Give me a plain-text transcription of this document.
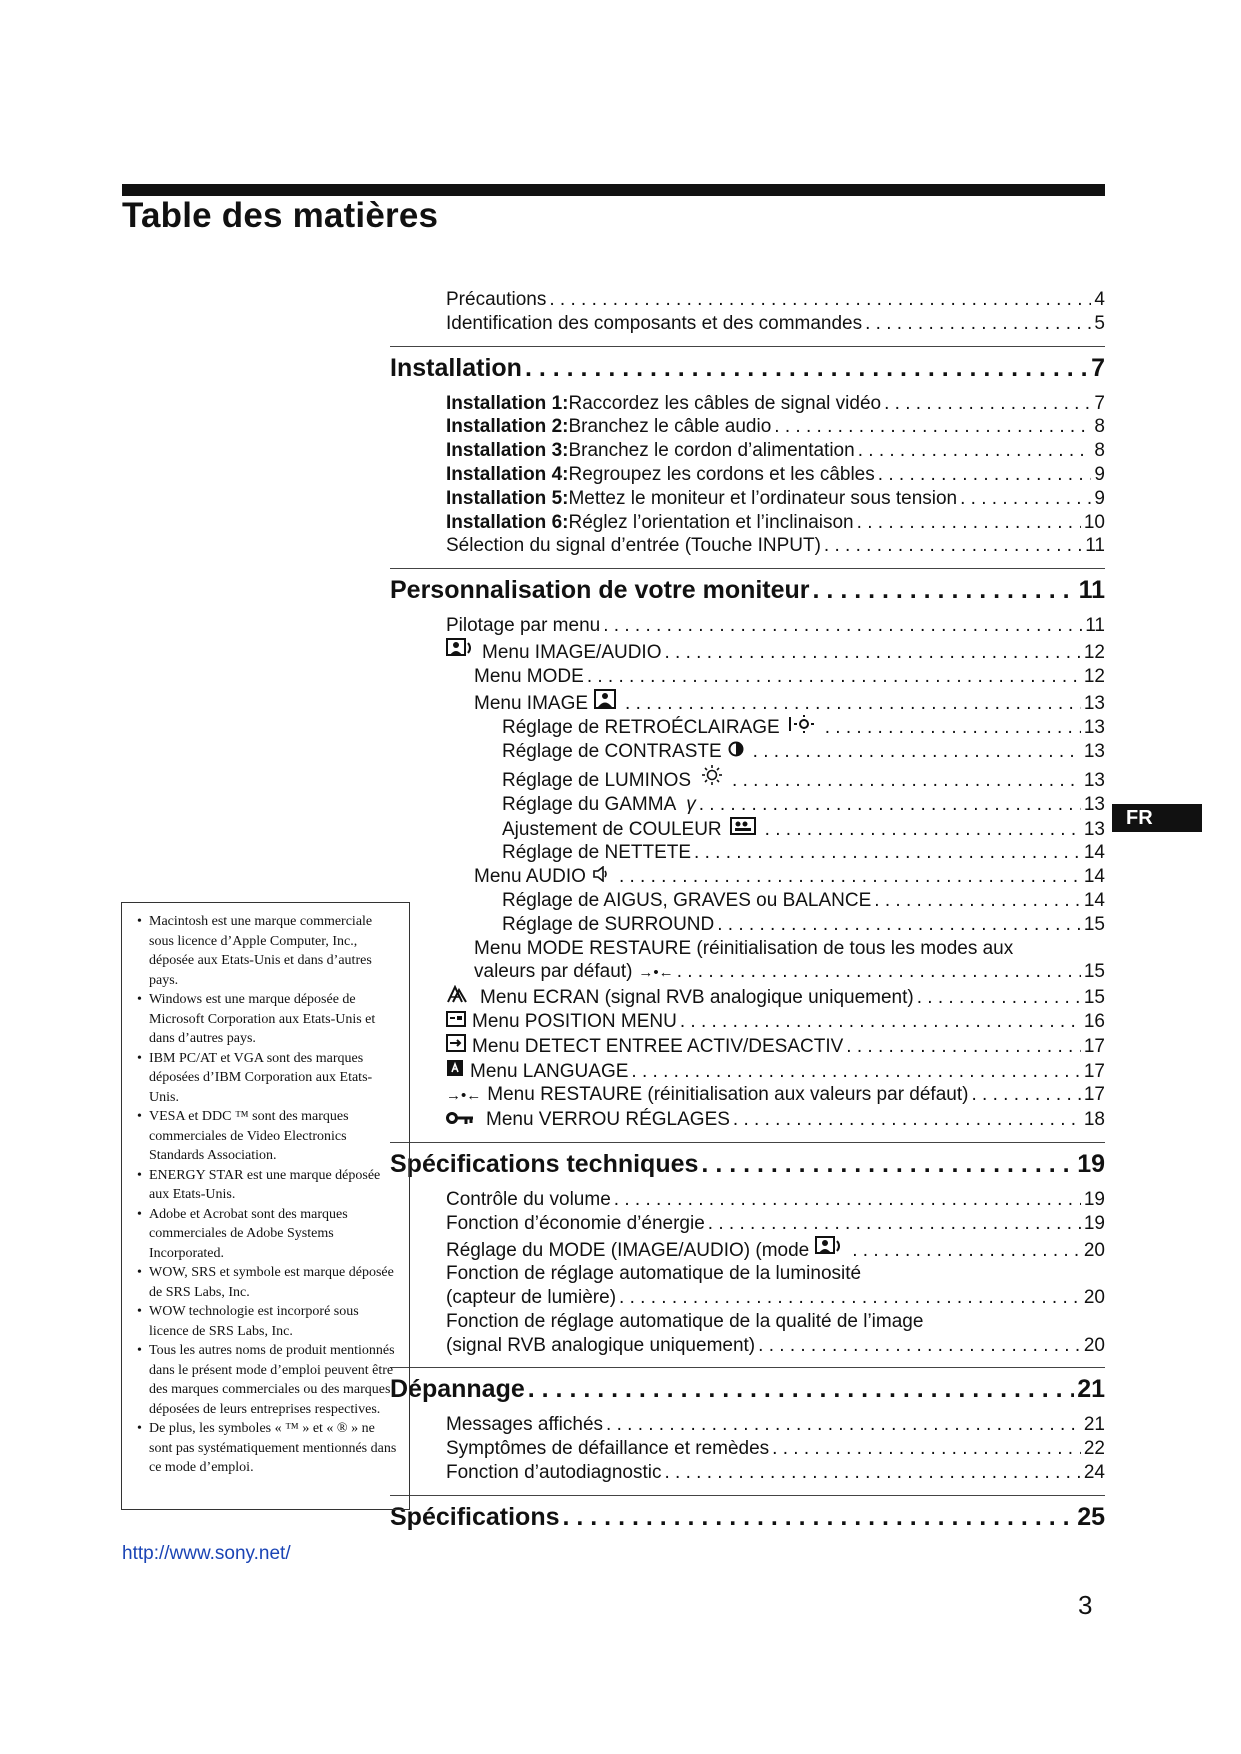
Table des matières
Précautions . . .	4
Identification des composants et des commandes . . .	5
Installation . . .	7
Installation 1: Raccordez les câbles de signal vidéo . . .	7
Installation 2: Branchez le câble audio . . .	8
Installation 3: Branchez le cordon d’alimentation . . .	8
Installation 4: Regroupez les cordons et les câbles . . .	9
Installation 5: Mettez le moniteur et l’ordinateur sous tension . . .	9
Installation 6: Réglez l’orientation et l’inclinaison . . .	10
Sélection du signal d’entrée (Touche INPUT) . . .	11
Personnalisation de votre moniteur . . .	11
Pilotage par menu . . .	11
Menu IMAGE/AUDIO . . .	12
Menu MODE . . .	12
Menu IMAGE . . .	13
Réglage de RETROÉCLAIRAGE . . .	13
Réglage de CONTRASTE . . .	13
Réglage de LUMINOS . . .	13
Réglage du GAMMA γ . . .	13
Ajustement de COULEUR . . .	13
Réglage de NETTETE . . .	14
Menu AUDIO . . .	14
Réglage de AIGUS, GRAVES ou BALANCE . . .	14
Réglage de SURROUND . . .	15
Menu MODE RESTAURE (réinitialisation de tous les modes aux
valeurs par défaut) →•← . . .	15
Menu ECRAN (signal RVB analogique uniquement) . . .	15
Menu POSITION MENU . . .	16
Menu DETECT ENTREE ACTIV/DESACTIV . . .	17
Menu LANGUAGE . . .	17
→•← Menu RESTAURE (réinitialisation aux valeurs par défaut) . . .	17
Menu VERROU RÉGLAGES . . .	18
Spécifications techniques . . .	19
Contrôle du volume . . .	19
Fonction d’économie d’énergie . . .	19
Réglage du MODE (IMAGE/AUDIO) (mode . . .	20
Fonction de réglage automatique de la luminosité
(capteur de lumière) . . .	20
Fonction de réglage automatique de la qualité de l’image
(signal RVB analogique uniquement) . . .	20
Dépannage . . .	21
Messages affichés . . .	21
Symptômes de défaillance et remèdes . . .	22
Fonction d’autodiagnostic . . .	24
Spécifications . . .	25
• Macintosh est une marque commerciale sous licence d’Apple Computer, Inc., déposée aux Etats-Unis et dans d’autres pays.
• Windows est une marque déposée de Microsoft Corporation aux Etats-Unis et dans d’autres pays.
• IBM PC/AT et VGA sont des marques déposées d’IBM Corporation aux Etats-Unis.
• VESA et DDC ™ sont des marques commerciales de Video Electronics Standards Association.
• ENERGY STAR est une marque déposée aux Etats-Unis.
• Adobe et Acrobat sont des marques commerciales de Adobe Systems Incorporated.
• WOW, SRS et symbole est marque déposée de SRS Labs, Inc.
• WOW technologie est incorporé sous licence de SRS Labs, Inc.
• Tous les autres noms de produit mentionnés dans le présent mode d’emploi peuvent être des marques commerciales ou des marques déposées de leurs entreprises respectives.
• De plus, les symboles « ™ » et « ® » ne sont pas systématiquement mentionnés dans ce mode d’emploi.
http://www.sony.net/
FR
3
